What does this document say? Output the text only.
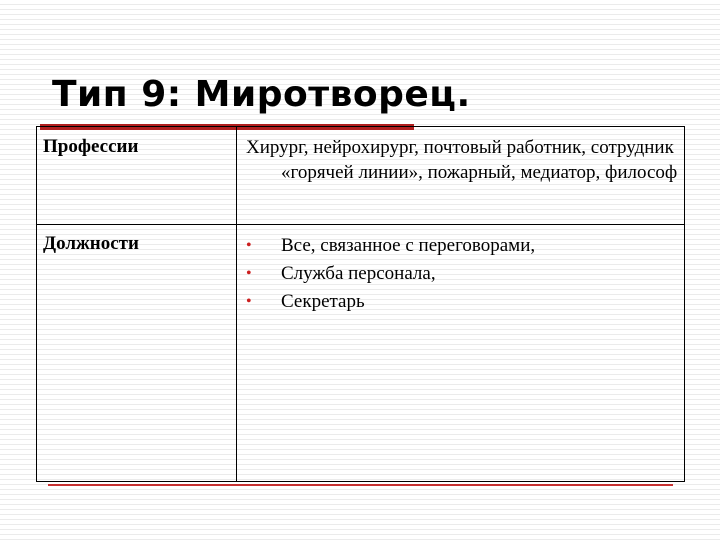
Тип 9: Миротворец.
Профессии	Хирург, нейрохирург, почтовый работник, сотрудник «горячей линии», пожарный, медиатор, философ
Должности	• Все, связанное с переговорами,
• Служба персонала,
• Секретарь
